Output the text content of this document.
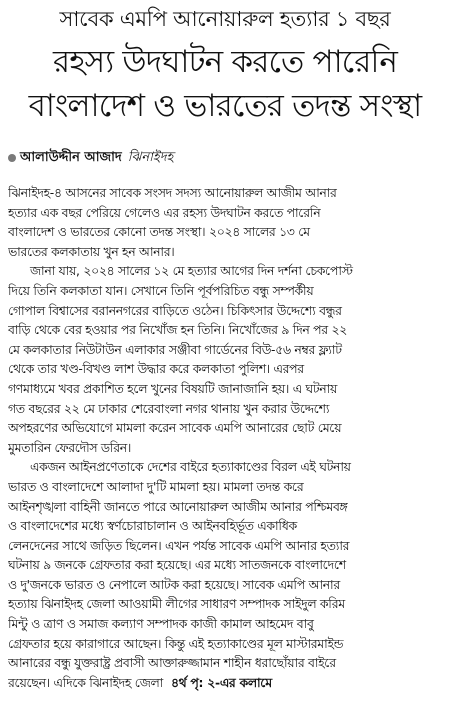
সাবেক এমপি আনোয়ারুল হত্যার ১ বছর
রহস্য উদঘাটন করতে পারেনি
বাংলাদেশ ও ভারতের তদন্ত সংস্থা
আলাউদ্দীন আজাদ ঝিনাইদহ

ঝিনাইদহ-৪ আসনের সাবেক সংসদ সদস্য আনোয়ারুল আজীম আনার
হত্যার এক বছর পেরিয়ে গেলেও এর রহস্য উদঘাটন করতে পারেনি
বাংলাদেশ ও ভারতের কোনো তদন্ত সংস্থা। ২০২৪ সালের ১৩ মে
ভারতের কলকাতায় খুন হন আনার।

জানা যায়, ২০২৪ সালের ১২ মে হত্যার আগের দিন দর্শনা চেকপোস্ট
দিয়ে তিনি কলকাতা যান। সেখানে তিনি পূর্বপরিচিত বন্ধু সম্পর্কীয়
গোপাল বিশ্বাসের বরাননগরের বাড়িতে ওঠেন। চিকিৎসার উদ্দেশ্যে বন্ধুর
বাড়ি থেকে বের হওয়ার পর নিখোঁজ হন তিনি। নিখোঁজের ৯ দিন পর ২২
মে কলকাতার নিউটাউন এলাকার সঞ্জীবা গার্ডেনের বিউ-৫৬ নম্বর ফ্ল্যাট
থেকে তার খণ্ড-বিখণ্ড লাশ উদ্ধার করে কলকাতা পুলিশ। এরপর
গণমাধ্যমে খবর প্রকাশিত হলে খুনের বিষয়টি জানাজানি হয়। এ ঘটনায়
গত বছরের ২২ মে ঢাকার শেরেবাংলা নগর থানায় খুন করার উদ্দেশ্যে
অপহরণের অভিযোগে মামলা করেন সাবেক এমপি আনারের ছোট মেয়ে
মুমতারিন ফেরদৌস ডরিন।

একজন আইনপ্রণেতাকে দেশের বাইরে হত্যাকাণ্ডের বিরল এই ঘটনায়
ভারত ও বাংলাদেশে আলাদা দু'টি মামলা হয়। মামলা তদন্ত করে
আইনশৃঙ্খলা বাহিনী জানতে পারে আনোয়ারুল আজীম আনার পশ্চিমবঙ্গ
ও বাংলাদেশের মধ্যে স্বর্ণচোরাচালান ও আইনবহির্ভূত একাধিক
লেনদেনের সাথে জড়িত ছিলেন। এখন পর্যন্ত সাবেক এমপি আনার হত্যার
ঘটনায় ৯ জনকে গ্রেফতার করা হয়েছে। এর মধ্যে সাতজনকে বাংলাদেশে
ও দু'জনকে ভারত ও নেপালে আটক করা হয়েছে। সাবেক এমপি আনার
হত্যায় ঝিনাইদহ জেলা আওয়ামী লীগের সাধারণ সম্পাদক সাইদুল করিম
মিন্টু ও ত্রাণ ও সমাজ কল্যাণ সম্পাদক কাজী কামাল আহমেদ বাবু
গ্রেফতার হয়ে কারাগারে আছেন। কিন্তু এই হত্যাকাণ্ডের মূল মাস্টারমাইন্ড
আনারের বন্ধু যুক্তরাষ্ট্র প্রবাসী আক্তারুজ্জামান শাহীন ধরাছোঁয়ার বাইরে
রয়েছেন। এদিকে ঝিনাইদহ জেলা ৪র্থ পৃ: ২-এর কলামে
